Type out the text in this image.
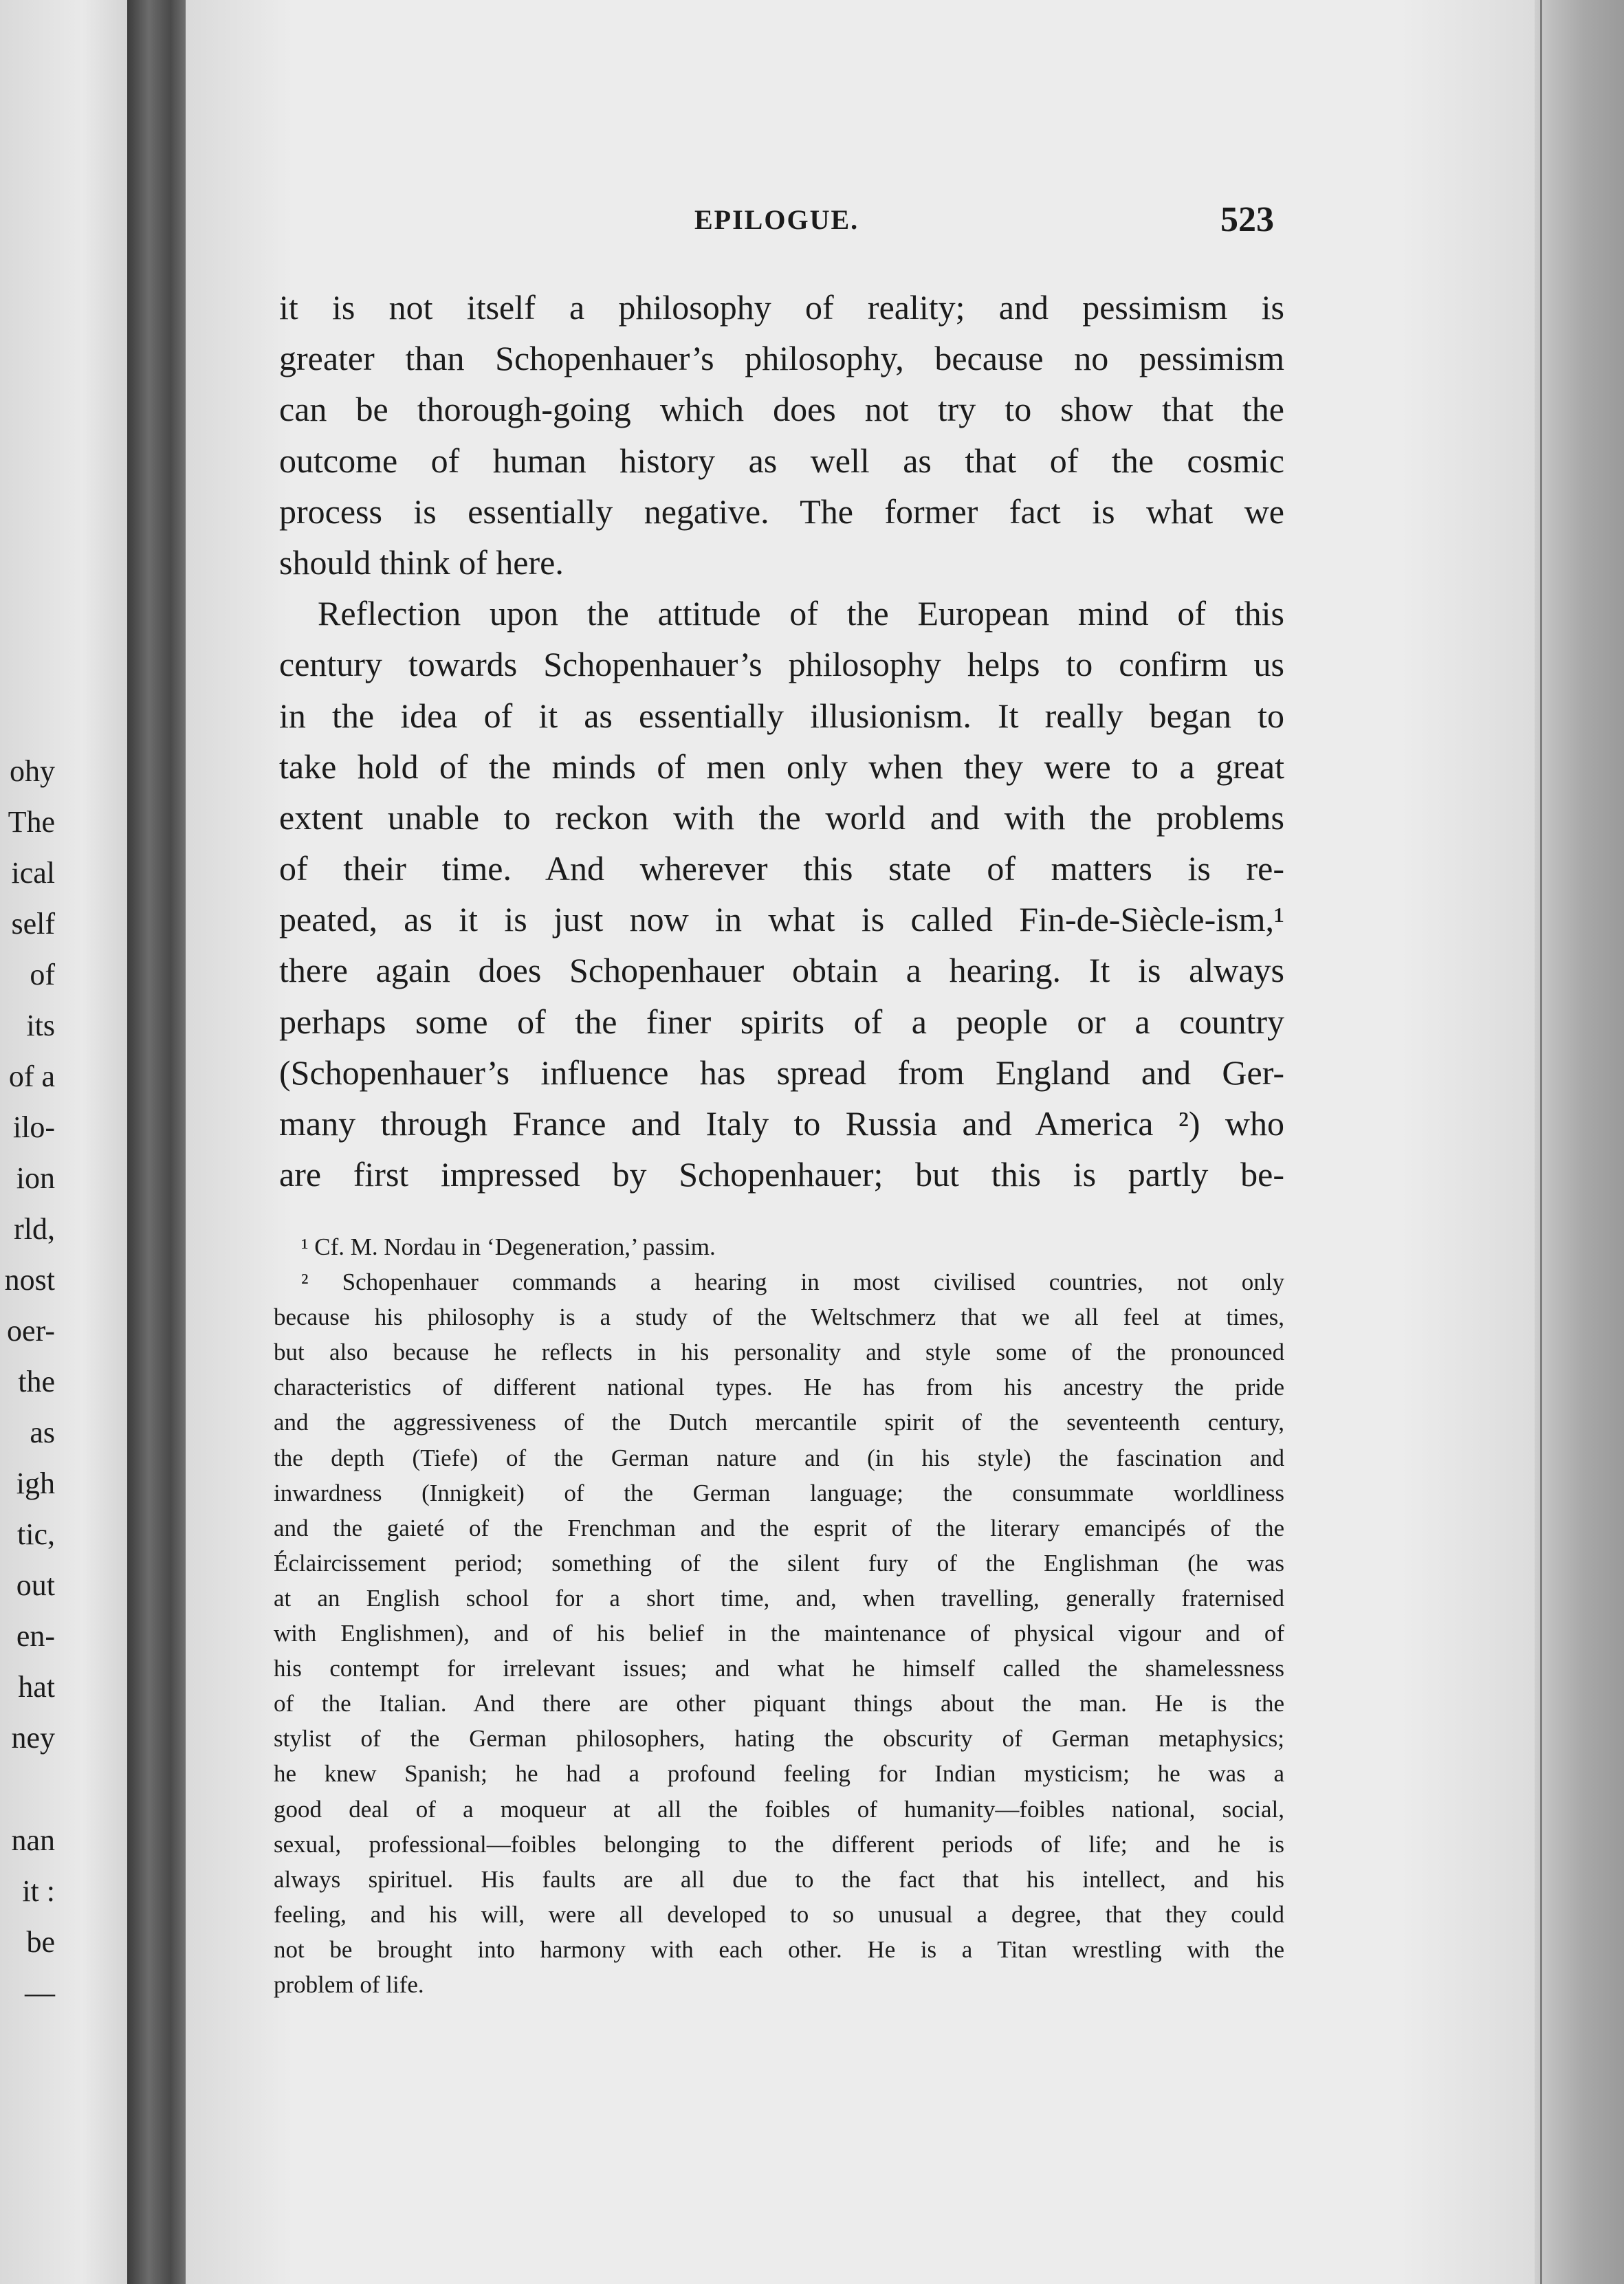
ohy
The
ical
self
of
its
of a
ilo-
ion
rld,
nost
oer-
the
as
igh
tic,
out
en-
hat
ney
nan
it :
be
—
EPILOGUE.	523
it is not itself a philosophy of reality; and pessimism is
greater than Schopenhauer’s philosophy, because no pessimism
can be thorough-going which does not try to show that the
outcome of human history as well as that of the cosmic
process is essentially negative. The former fact is what we
should think of here.
Reflection upon the attitude of the European mind of this
century towards Schopenhauer’s philosophy helps to confirm us
in the idea of it as essentially illusionism. It really began to
take hold of the minds of men only when they were to a great
extent unable to reckon with the world and with the problems
of their time. And wherever this state of matters is re-
peated, as it is just now in what is called Fin-de-Siècle-ism,¹
there again does Schopenhauer obtain a hearing. It is always
perhaps some of the finer spirits of a people or a country
(Schopenhauer’s influence has spread from England and Ger-
many through France and Italy to Russia and America ²) who
are first impressed by Schopenhauer; but this is partly be-
¹ Cf. M. Nordau in ‘Degeneration,’ passim.
² Schopenhauer commands a hearing in most civilised countries, not only
because his philosophy is a study of the Weltschmerz that we all feel at times,
but also because he reflects in his personality and style some of the pronounced
characteristics of different national types. He has from his ancestry the pride
and the aggressiveness of the Dutch mercantile spirit of the seventeenth century,
the depth (Tiefe) of the German nature and (in his style) the fascination and
inwardness (Innigkeit) of the German language; the consummate worldliness
and the gaieté of the Frenchman and the esprit of the literary emancipés of the
Éclaircissement period; something of the silent fury of the Englishman (he was
at an English school for a short time, and, when travelling, generally fraternised
with Englishmen), and of his belief in the maintenance of physical vigour and of
his contempt for irrelevant issues; and what he himself called the shamelessness
of the Italian. And there are other piquant things about the man. He is the
stylist of the German philosophers, hating the obscurity of German metaphysics;
he knew Spanish; he had a profound feeling for Indian mysticism; he was a
good deal of a moqueur at all the foibles of humanity—foibles national, social,
sexual, professional—foibles belonging to the different periods of life; and he is
always spirituel. His faults are all due to the fact that his intellect, and his
feeling, and his will, were all developed to so unusual a degree, that they could
not be brought into harmony with each other. He is a Titan wrestling with the
problem of life.
